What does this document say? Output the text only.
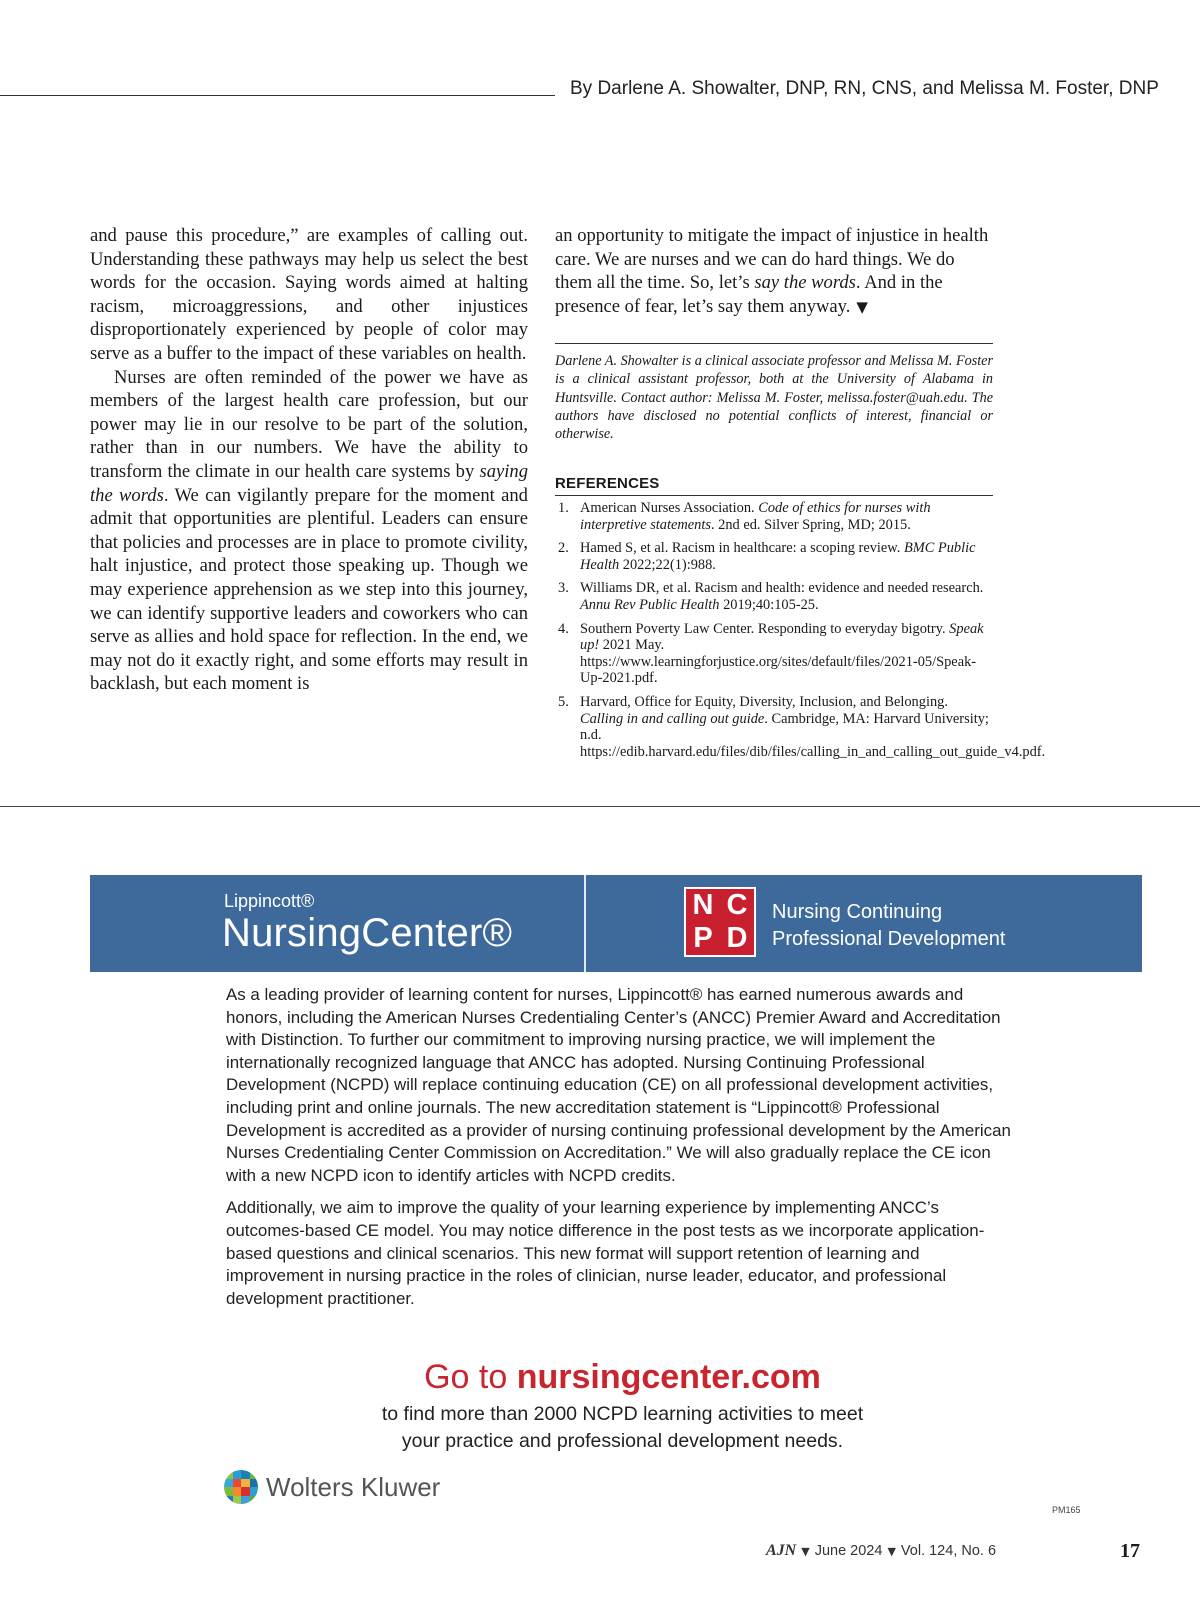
By Darlene A. Showalter, DNP, RN, CNS, and Melissa M. Foster, DNP

and pause this procedure,” are examples of calling out. Understanding these pathways may help us select the best words for the occasion. Saying words aimed at halting racism, microaggressions, and other injustices disproportionately experienced by people of color may serve as a buffer to the impact of these variables on health.

Nurses are often reminded of the power we have as members of the largest health care profession, but our power may lie in our resolve to be part of the solution, rather than in our numbers. We have the ability to transform the climate in our health care systems by saying the words. We can vigilantly prepare for the moment and admit that opportunities are plentiful. Leaders can ensure that policies and processes are in place to promote civility, halt injustice, and protect those speaking up. Though we may experience apprehension as we step into this journey, we can identify supportive leaders and coworkers who can serve as allies and hold space for reflection. In the end, we may not do it exactly right, and some efforts may result in backlash, but each moment is

an opportunity to mitigate the impact of injustice in health care. We are nurses and we can do hard things. We do them all the time. So, let’s say the words. And in the presence of fear, let’s say them anyway. ▼

Darlene A. Showalter is a clinical associate professor and Melissa M. Foster is a clinical assistant professor, both at the University of Alabama in Huntsville. Contact author: Melissa M. Foster, melissa.foster@uah.edu. The authors have disclosed no potential conflicts of interest, financial or otherwise.
REFERENCES
1. American Nurses Association. Code of ethics for nurses with interpretive statements. 2nd ed. Silver Spring, MD; 2015.
2. Hamed S, et al. Racism in healthcare: a scoping review. BMC Public Health 2022;22(1):988.
3. Williams DR, et al. Racism and health: evidence and needed research. Annu Rev Public Health 2019;40:105-25.
4. Southern Poverty Law Center. Responding to everyday bigotry. Speak up! 2021 May. https://www.learningforjustice.org/sites/default/files/2021-05/Speak-Up-2021.pdf.
5. Harvard, Office for Equity, Diversity, Inclusion, and Belonging. Calling in and calling out guide. Cambridge, MA: Harvard University; n.d. https://edib.harvard.edu/files/dib/files/calling_in_and_calling_out_guide_v4.pdf.
Lippincott®
NursingCenter®
N C
P D
Nursing Continuing
Professional Development

As a leading provider of learning content for nurses, Lippincott® has earned numerous awards and honors, including the American Nurses Credentialing Center’s (ANCC) Premier Award and Accreditation with Distinction. To further our commitment to improving nursing practice, we will implement the internationally recognized language that ANCC has adopted. Nursing Continuing Professional Development (NCPD) will replace continuing education (CE) on all professional development activities, including print and online journals. The new accreditation statement is “Lippincott® Professional Development is accredited as a provider of nursing continuing professional development by the American Nurses Credentialing Center Commission on Accreditation.” We will also gradually replace the CE icon with a new NCPD icon to identify articles with NCPD credits.

Additionally, we aim to improve the quality of your learning experience by implementing ANCC’s outcomes-based CE model. You may notice difference in the post tests as we incorporate application-based questions and clinical scenarios. This new format will support retention of learning and improvement in nursing practice in the roles of clinician, nurse leader, educator, and professional development practitioner.

Go to nursingcenter.com
to find more than 2000 NCPD learning activities to meet
your practice and professional development needs.
Wolters Kluwer
PM165
AJN ▼ June 2024 ▼ Vol. 124, No. 6	17
